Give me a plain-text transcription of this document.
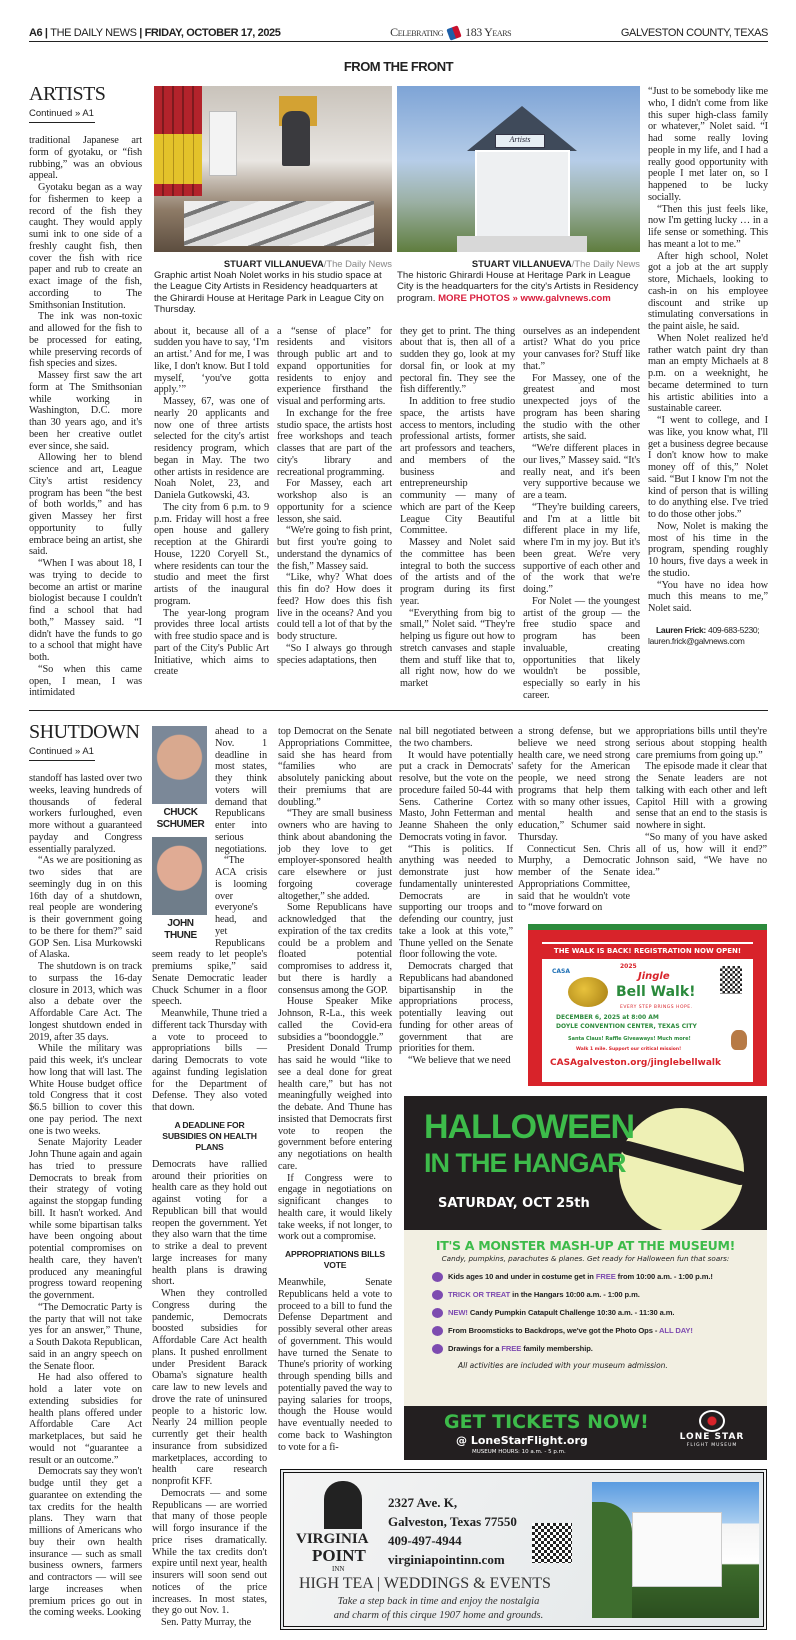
A6 | THE DAILY NEWS | FRIDAY, OCTOBER 17, 2025	Celebrating 183 Years	GALVESTON COUNTY, TEXAS
FROM THE FRONT
ARTISTS
Continued » A1

traditional Japanese art form of gyotaku, or “fish rubbing,” was an obvious appeal.

Gyotaku began as a way for fishermen to keep a record of the fish they caught. They would apply sumi ink to one side of a freshly caught fish, then cover the fish with rice paper and rub to create an exact image of the fish, according to The Smithsonian Institution.

The ink was non-toxic and allowed for the fish to be processed for eating, while preserving records of fish species and sizes.

Massey first saw the art form at The Smithsonian while working in Washington, D.C. more than 30 years ago, and it's been her creative outlet ever since, she said.

Allowing her to blend science and art, League City's artist residency program has been “the best of both worlds,” and has given Massey her first opportunity to fully embrace being an artist, she said.

“When I was about 18, I was trying to decide to become an artist or marine biologist because I couldn't find a school that had both,” Massey said. “I didn't have the funds to go to a school that might have both.

“So when this came open, I mean, I was intimidated

Artists
STUART VILLANUEVA/The Daily News
Graphic artist Noah Nolet works in his studio space at the League City Artists in Residency headquarters at the Ghirardi House at Heritage Park in League City on Thursday.
STUART VILLANUEVA/The Daily News
The historic Ghirardi House at Heritage Park in League City is the headquarters for the city's Artists in Residency program. MORE PHOTOS » www.galvnews.com

about it, because all of a sudden you have to say, ‘I'm an artist.’ And for me, I was like, I don't know. But I told myself, ‘you've gotta apply.’”

Massey, 67, was one of nearly 20 applicants and now one of three artists selected for the city's artist residency program, which began in May. The two other artists in residence are Noah Nolet, 23, and Daniela Gutkowski, 43.

The city from 6 p.m. to 9 p.m. Friday will host a free open house and gallery reception at the Ghirardi House, 1220 Coryell St., where residents can tour the studio and meet the first artists of the inaugural program.

The year-long program provides three local artists with free studio space and is part of the City's Public Art Initiative, which aims to create

a “sense of place” for residents and visitors through public art and to expand opportunities for residents to enjoy and experience firsthand the visual and performing arts.

In exchange for the free studio space, the artists host free workshops and teach classes that are part of the city's library and recreational programming.

For Massey, each art workshop also is an opportunity for a science lesson, she said.

“We're going to fish print, but first you're going to understand the dynamics of the fish,” Massey said.

“Like, why? What does this fin do? How does it feed? How does this fish live in the oceans? And you could tell a lot of that by the body structure.

“So I always go through species adaptations, then

they get to print. The thing about that is, then all of a sudden they go, look at my dorsal fin, or look at my pectoral fin. They see the fish differently.”

In addition to free studio space, the artists have access to mentors, including professional artists, former art professors and teachers, and members of the business and entrepreneurship community — many of which are part of the Keep League City Beautiful Committee.

Massey and Nolet said the committee has been integral to both the success of the artists and of the program during its first year.

“Everything from big to small,” Nolet said. “They're helping us figure out how to stretch canvases and staple them and stuff like that to, all right now, how do we market

ourselves as an independent artist? What do you price your canvases for? Stuff like that.”

For Massey, one of the greatest and most unexpected joys of the program has been sharing the studio with the other artists, she said.

“We're different places in our lives,” Massey said. “It's really neat, and it's been very supportive because we are a team.

“They're building careers, and I'm at a little bit different place in my life, where I'm in my joy. But it's been great. We're very supportive of each other and of the work that we're doing.”

For Nolet — the youngest artist of the group — the free studio space and program has been invaluable, creating opportunities that likely wouldn't be possible, especially so early in his career.

“Just to be somebody like me who, I didn't come from like this super high-class family or whatever,” Nolet said. “I had some really loving people in my life, and I had a really good opportunity with people I met later on, so I happened to be lucky socially.

“Then this just feels like, now I'm getting lucky … in a life sense or something. This has meant a lot to me.”

After high school, Nolet got a job at the art supply store, Michaels, looking to cash-in on his employee discount and strike up stimulating conversations in the paint aisle, he said.

When Nolet realized he'd rather watch paint dry than man an empty Michaels at 8 p.m. on a weeknight, he became determined to turn his artistic abilities into a sustainable career.

“I went to college, and I was like, you know what, I'll get a business degree because I don't know how to make money off of this,” Nolet said. “But I know I'm not the kind of person that is willing to do anything else. I've tried to do those other jobs.”

Now, Nolet is making the most of his time in the program, spending roughly 10 hours, five days a week in the studio.

“You have no idea how much this means to me,” Nolet said.

Lauren Frick: 409-683-5230; lauren.frick@galvnews.com
SHUTDOWN
Continued » A1

standoff has lasted over two weeks, leaving hundreds of thousands of federal workers furloughed, even more without a guaranteed payday and Congress essentially paralyzed.

“As we are positioning as two sides that are seemingly dug in on this 16th day of a shutdown, real people are wondering is their government going to be there for them?” said GOP Sen. Lisa Murkowski of Alaska.

The shutdown is on track to surpass the 16-day closure in 2013, which was also a debate over the Affordable Care Act. The longest shutdown ended in 2019, after 35 days.

While the military was paid this week, it's unclear how long that will last. The White House budget office told Congress that it cost $6.5 billion to cover this one pay period. The next one is two weeks.

Senate Majority Leader John Thune again and again has tried to pressure Democrats to break from their strategy of voting against the stopgap funding bill. It hasn't worked. And while some bipartisan talks have been ongoing about potential compromises on health care, they haven't produced any meaningful progress toward reopening the government.

“The Democratic Party is the party that will not take yes for an answer,” Thune, a South Dakota Republican, said in an angry speech on the Senate floor.

He had also offered to hold a later vote on extending subsidies for health plans offered under Affordable Care Act marketplaces, but said he would not “guarantee a result or an outcome.”

Democrats say they won't budge until they get a guarantee on extending the tax credits for the health plans. They warn that millions of Americans who buy their own health insurance — such as small business owners, farmers and contractors — will see large increases when premium prices go out in the coming weeks. Looking

CHUCK SCHUMER
JOHN THUNE

ahead to a Nov. 1 deadline in most states, they think voters will demand that Republicans enter into serious negotiations.

“The ACA crisis is looming over everyone's head, and yet Republicans seem ready to let people's premiums spike,” said Senate Democratic leader Chuck Schumer in a floor speech.

Meanwhile, Thune tried a different tack Thursday with a vote to proceed to appropriations bills — daring Democrats to vote against funding legislation for the Department of Defense. They also voted that down.

A DEADLINE FOR SUBSIDIES ON HEALTH PLANS

Democrats have rallied around their priorities on health care as they hold out against voting for a Republican bill that would reopen the government. Yet they also warn that the time to strike a deal to prevent large increases for many health plans is drawing short.

When they controlled Congress during the pandemic, Democrats boosted subsidies for Affordable Care Act health plans. It pushed enrollment under President Barack Obama's signature health care law to new levels and drove the rate of uninsured people to a historic low. Nearly 24 million people currently get their health insurance from subsidized marketplaces, according to health care research nonprofit KFF.

Democrats — and some Republicans — are worried that many of those people will forgo insurance if the price rises dramatically. While the tax credits don't expire until next year, health insurers will soon send out notices of the price increases. In most states, they go out Nov. 1.

Sen. Patty Murray, the

top Democrat on the Senate Appropriations Committee, said she has heard from “families who are absolutely panicking about their premiums that are doubling.”

“They are small business owners who are having to think about abandoning the job they love to get employer-sponsored health care elsewhere or just forgoing coverage altogether,” she added.

Some Republicans have acknowledged that the expiration of the tax credits could be a problem and floated potential compromises to address it, but there is hardly a consensus among the GOP.

House Speaker Mike Johnson, R-La., this week called the Covid-era subsidies a “boondoggle.”

President Donald Trump has said he would “like to see a deal done for great health care,” but has not meaningfully weighed into the debate. And Thune has insisted that Democrats first vote to reopen the government before entering any negotiations on health care.

If Congress were to engage in negotiations on significant changes to health care, it would likely take weeks, if not longer, to work out a compromise.

APPROPRIATIONS BILLS VOTE

Meanwhile, Senate Republicans held a vote to proceed to a bill to fund the Defense Department and possibly several other areas of government. This would have turned the Senate to Thune's priority of working through spending bills and potentially paved the way to paying salaries for troops, though the House would have eventually needed to come back to Washington to vote for a fi-

nal bill negotiated between the two chambers.

It would have potentially put a crack in Democrats' resolve, but the vote on the procedure failed 50-44 with Sens. Catherine Cortez Masto, John Fetterman and Jeanne Shaheen the only Democrats voting in favor.

“This is politics. If anything was needed to demonstrate just how fundamentally uninterested Democrats are in supporting our troops and defending our country, just take a look at this vote,” Thune yelled on the Senate floor following the vote.

Democrats charged that Republicans had abandoned bipartisanship in the appropriations process, potentially leaving out funding for other areas of government that are priorities for them.

“We believe that we need

a strong defense, but we believe we need strong health care, we need strong safety for the American people, we need strong programs that help them with so many other issues, mental health and education,” Schumer said Thursday.

Connecticut Sen. Chris Murphy, a Democratic member of the Senate Appropriations Committee, said that he wouldn't vote to “move forward on

appropriations bills until they're serious about stopping health care premiums from going up.”

The episode made it clear that the Senate leaders are not talking with each other and left Capitol Hill with a growing sense that an end to the stasis is nowhere in sight.

“So many of you have asked all of us, how will it end?” Johnson said, “We have no idea.”

THE WALK IS BACK! REGISTRATION NOW OPEN!
CASA
2025
Jingle
Bell Walk!
EVERY STEP BRINGS HOPE.
DECEMBER 6, 2025 at 8:00 AM
DOYLE CONVENTION CENTER, TEXAS CITY
Santa Claus! Raffle Giveaways! Much more!
Walk 1 mile. Support our critical mission!
CASAgalveston.org/jinglebellwalk
HALLOWEEN
IN THE HANGAR
SATURDAY, OCT 25th
IT'S A MONSTER MASH-UP AT THE MUSEUM!
Candy, pumpkins, parachutes & planes. Get ready for Halloween fun that soars:
Kids ages 10 and under in costume get in FREE from 10:00 a.m. - 1:00 p.m.!
TRICK OR TREAT in the Hangars 10:00 a.m. - 1:00 p.m.
NEW! Candy Pumpkin Catapult Challenge 10:30 a.m. - 11:30 a.m.
From Broomsticks to Backdrops, we've got the Photo Ops - ALL DAY!
Drawings for a FREE family membership.
All activities are included with your museum admission.
GET TICKETS NOW!
@ LoneStarFlight.org
MUSEUM HOURS: 10 a.m. - 5 p.m.
LONE STAR
FLIGHT MUSEUM
VIRGINIA
POINT
INN
2327 Ave. K,
Galveston, Texas 77550
409-497-4944
virginiapointinn.com
HIGH TEA | WEDDINGS & EVENTS
Take a step back in time and enjoy the nostalgia
and charm of this cirque 1907 home and grounds.
